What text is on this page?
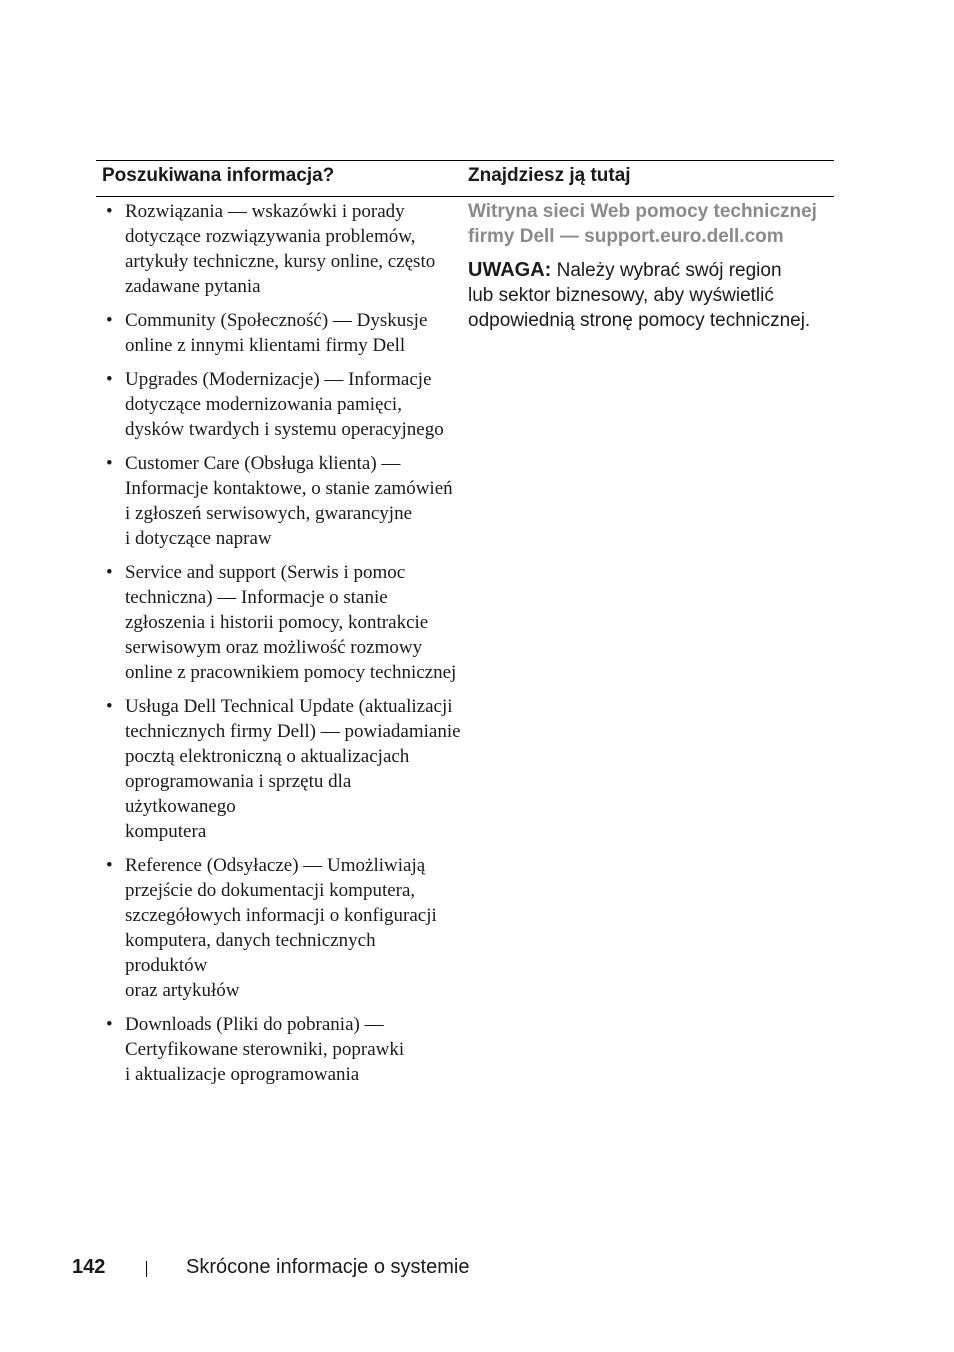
Poszukiwana informacja?	Znajdziesz ją tutaj
• Rozwiązania — wskazówki i porady
dotyczące rozwiązywania problemów,
artykuły techniczne, kursy online, często
zadawane pytania
• Community (Społeczność) — Dyskusje
online z innymi klientami firmy Dell
• Upgrades (Modernizacje) — Informacje
dotyczące modernizowania pamięci,
dysków twardych i systemu operacyjnego
• Customer Care (Obsługa klienta) —
Informacje kontaktowe, o stanie zamówień
i zgłoszeń serwisowych, gwarancyjne
i dotyczące napraw
• Service and support (Serwis i pomoc
techniczna) — Informacje o stanie
zgłoszenia i historii pomocy, kontrakcie
serwisowym oraz możliwość rozmowy
online z pracownikiem pomocy technicznej
• Usługa Dell Technical Update (aktualizacji
technicznych firmy Dell) — powiadamianie
pocztą elektroniczną o aktualizacjach
oprogramowania i sprzętu dla użytkowanego
komputera
• Reference (Odsyłacze) — Umożliwiają
przejście do dokumentacji komputera,
szczegółowych informacji o konfiguracji
komputera, danych technicznych produktów
oraz artykułów
• Downloads (Pliki do pobrania) —
Certyfikowane sterowniki, poprawki
i aktualizacje oprogramowania

Witryna sieci Web pomocy technicznej
firmy Dell — support.euro.dell.com

UWAGA: Należy wybrać swój region
lub sektor biznesowy, aby wyświetlić
odpowiednią stronę pomocy technicznej.

142	Skrócone informacje o systemie
